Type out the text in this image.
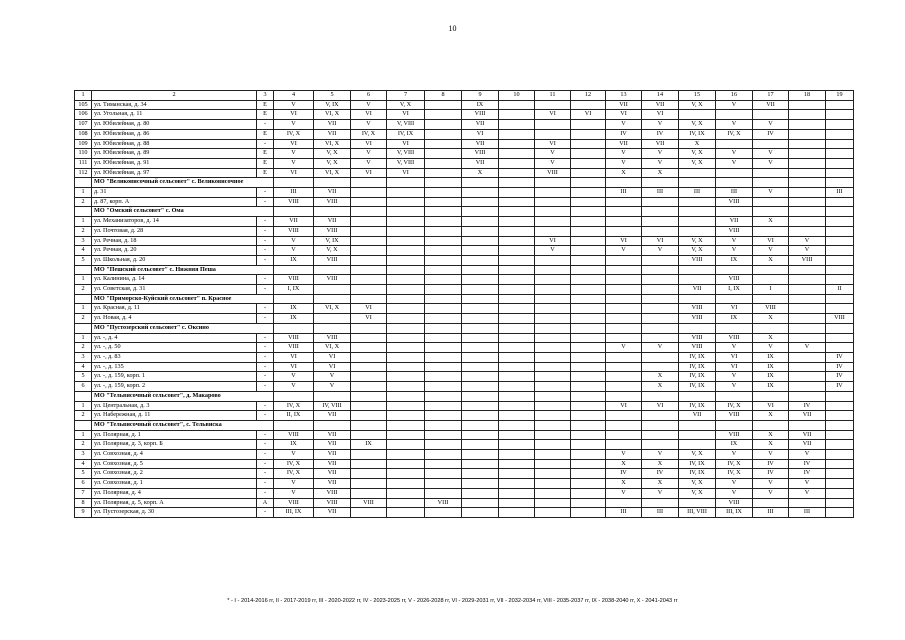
10
1	2	3	4	5	6	7	8	9	10	11	12	13	14	15	16	17	18	19
105	ул. Тиманская, д. 34	Е	V	V, IX	V	V, X		IX				VII	VII	V, X	V	VII		
106	ул. Угольная, д. 11	Е	VI	VI, X	VI	VI		VIII		VI	VI	VI	VI					
107	ул. Юбилейная, д. 80	-	V	VII	V	V, VIII		VII				V	V	V, X	V	V		
108	ул. Юбилейная, д. 86	Е	IV, X	VII	IV, X	IV, IX		VI				IV	IV	IV, IX	IV, X	IV		
109	ул. Юбилейная, д. 88	-	VI	VI, X	VI	VI		VII		VI		VII	VII	X				
110	ул. Юбилейная, д. 89	Е	V	V, X	V	V, VIII		VIII		V		V	V	V, X	V	V		
111	ул. Юбилейная, д. 91	Е	V	V, X	V	V, VIII		VII		V		V	V	V, X	V	V		
112	ул. Юбилейная, д. 97	Е	VI	VI, X	VI	VI		X		VIII		X	X					
	МО "Великовисочный сельсовет" с. Великовисочное																	
1	д. 31	-	III	VII								III	III	III	III	V		III
2	д. 87, корп. А	-	VIII	VIII											VIII			
	МО "Омский сельсовет" с. Ома																	
1	ул. Механизаторов, д. 14	-	VII	VII											VII	X		
2	ул. Почтовая, д. 28	-	VIII	VIII											VIII			
3	ул. Речная, д. 18	-	V	V, IX						VI		VI	VI	V, X	V	VI	V	
4	ул. Речная, д. 20	-	V	V, X						V		V	V	V, X	V	V	V	
5	ул. Школьная, д. 20	-	IX	VIII										VIII	IX	X	VIII	
	МО "Пешский сельсовет" с. Нижняя Пеша																	
1	ул. Калинина, д. 14	-	VIII	VIII											VIII			
2	ул. Советская, д. 31	-	I, IX											VII	I, IX	I		II
	МО "Приморско-Куйский сельсовет" п. Красное																	
1	ул. Красная, д. 11	-	IX	VI, X	VI									VIII	VI	VIII		
2	ул. Новая, д. 4	-	IX		VI									VIII	IX	X		VIII
	МО "Пустозерский сельсовет" с. Оксино																	
1	ул. -, д. 4	-	VIII	VIII										VIII	VIII	X		
2	ул. -, д. 50	-	VIII	VI, X								V	V	VIII	V	V	V	
3	ул. -, д. 83	-	VI	VI										IV, IX	VI	IX		IV
4	ул. -, д. 135	-	VI	VI										IV, IX	VI	IX		IV
5	ул. -, д. 159, корп. 1	-	V	V									X	IV, IX	V	IX		IV
6	ул. -, д. 159, корп. 2	-	V	V									X	IV, IX	V	IX		IV
	МО "Тельвисочный сельсовет", д. Макарово																	
1	ул. Центральная, д. 3	-	IV, X	IV, VIII								VI	VI	IV, IX	IV, X	VI	IV	
2	ул. Набережная, д. 11	-	II, IX	VII										VII	VIII	X	VII	
	МО "Тельвисочный сельсовет", с. Тельвиска																	
1	ул. Полярная, д. 1	-	VIII	VII											VIII	X	VII	
2	ул. Полярная, д. 3, корп. Б	-	IX	VII	IX										IX	X	VII	
3	ул. Совхозная, д. 4	-	V	VII								V	V	V, X	V	V	V	
4	ул. Совхозная, д. 5	-	IV, X	VII								X	X	IV, IX	IV, X	IV	IV	
5	ул. Совхозная, д. 2	-	IV, X	VII								IV	IV	IV, IX	IV, X	IV	IV	
6	ул. Совхозная, д. 1	-	V	VII								X	X	V, X	V	V	V	
7	ул. Полярная, д. 4	-	V	VIII								V	V	V, X	V	V	V	
8	ул. Полярная, д. 5, корп. А	А	VIII	VIII	VIII		VIII								VIII			
9	ул. Пустозерская, д. 30	-	III, IX	VII								III	III	III, VIII	III, IX	III	III	
* - I - 2014-2016 гг, II - 2017-2019 гг, III - 2020-2022 гг, IV - 2023-2025 гг, V - 2026-2028 гг, VI - 2029-2031 гг, VII - 2032-2034 гг, VIII - 2035-2037 гг, IX - 2038-2040 гг, X - 2041-2043 гг
